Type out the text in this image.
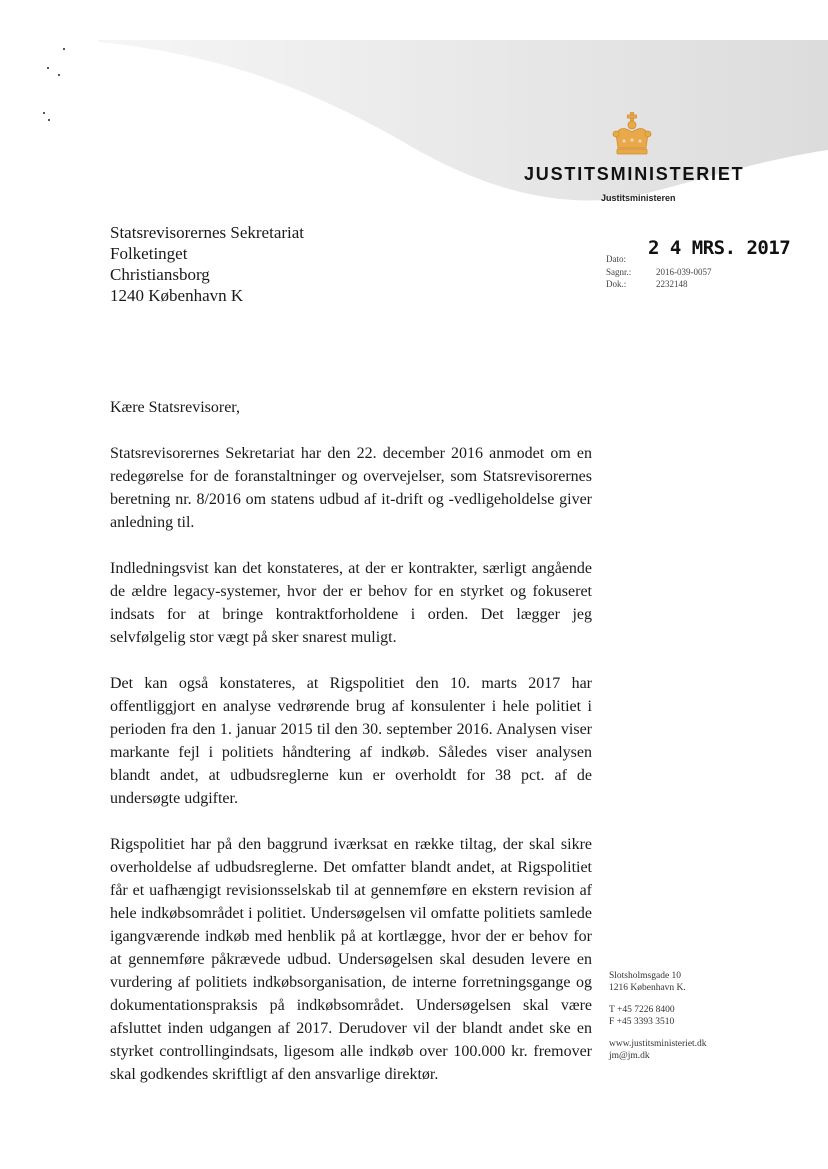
JUSTITSMINISTERIET
Justitsministeren
Statsrevisorernes Sekretariat
Folketinget
Christiansborg
1240 København K
Dato:
Sagnr.:	2016-039-0057
Dok.:	2232148
2 4 MRS. 2017

Kære Statsrevisorer,

Statsrevisorernes Sekretariat har den 22. december 2016 anmodet om en redegørelse for de foranstaltninger og overvejelser, som Statsrevisorernes beretning nr. 8/2016 om statens udbud af it-drift og -vedligeholdelse giver anledning til.

Indledningsvist kan det konstateres, at der er kontrakter, særligt angående de ældre legacy-systemer, hvor der er behov for en styrket og fokuseret indsats for at bringe kontraktforholdene i orden. Det lægger jeg selvfølgelig stor vægt på sker snarest muligt.

Det kan også konstateres, at Rigspolitiet den 10. marts 2017 har offentliggjort en analyse vedrørende brug af konsulenter i hele politiet i perioden fra den 1. januar 2015 til den 30. september 2016. Analysen viser markante fejl i politiets håndtering af indkøb. Således viser analysen blandt andet, at udbudsreglerne kun er overholdt for 38 pct. af de undersøgte udgifter.

Rigspolitiet har på den baggrund iværksat en række tiltag, der skal sikre overholdelse af udbudsreglerne. Det omfatter blandt andet, at Rigspolitiet får et uafhængigt revisionsselskab til at gennemføre en ekstern revision af hele indkøbsområdet i politiet. Undersøgelsen vil omfatte politiets samlede igangværende indkøb med henblik på at kortlægge, hvor der er behov for at gennemføre påkrævede udbud. Undersøgelsen skal desuden levere en vurdering af politiets indkøbsorganisation, de interne forretningsgange og dokumentationspraksis på indkøbsområdet. Undersøgelsen skal være afsluttet inden udgangen af 2017. Derudover vil der blandt andet ske en styrket controllingindsats, ligesom alle indkøb over 100.000 kr. fremover skal godkendes skriftligt af den ansvarlige direktør.

Slotsholmsgade 10
1216 København K.
T +45 7226 8400
F +45 3393 3510
www.justitsministeriet.dk
jm@jm.dk
